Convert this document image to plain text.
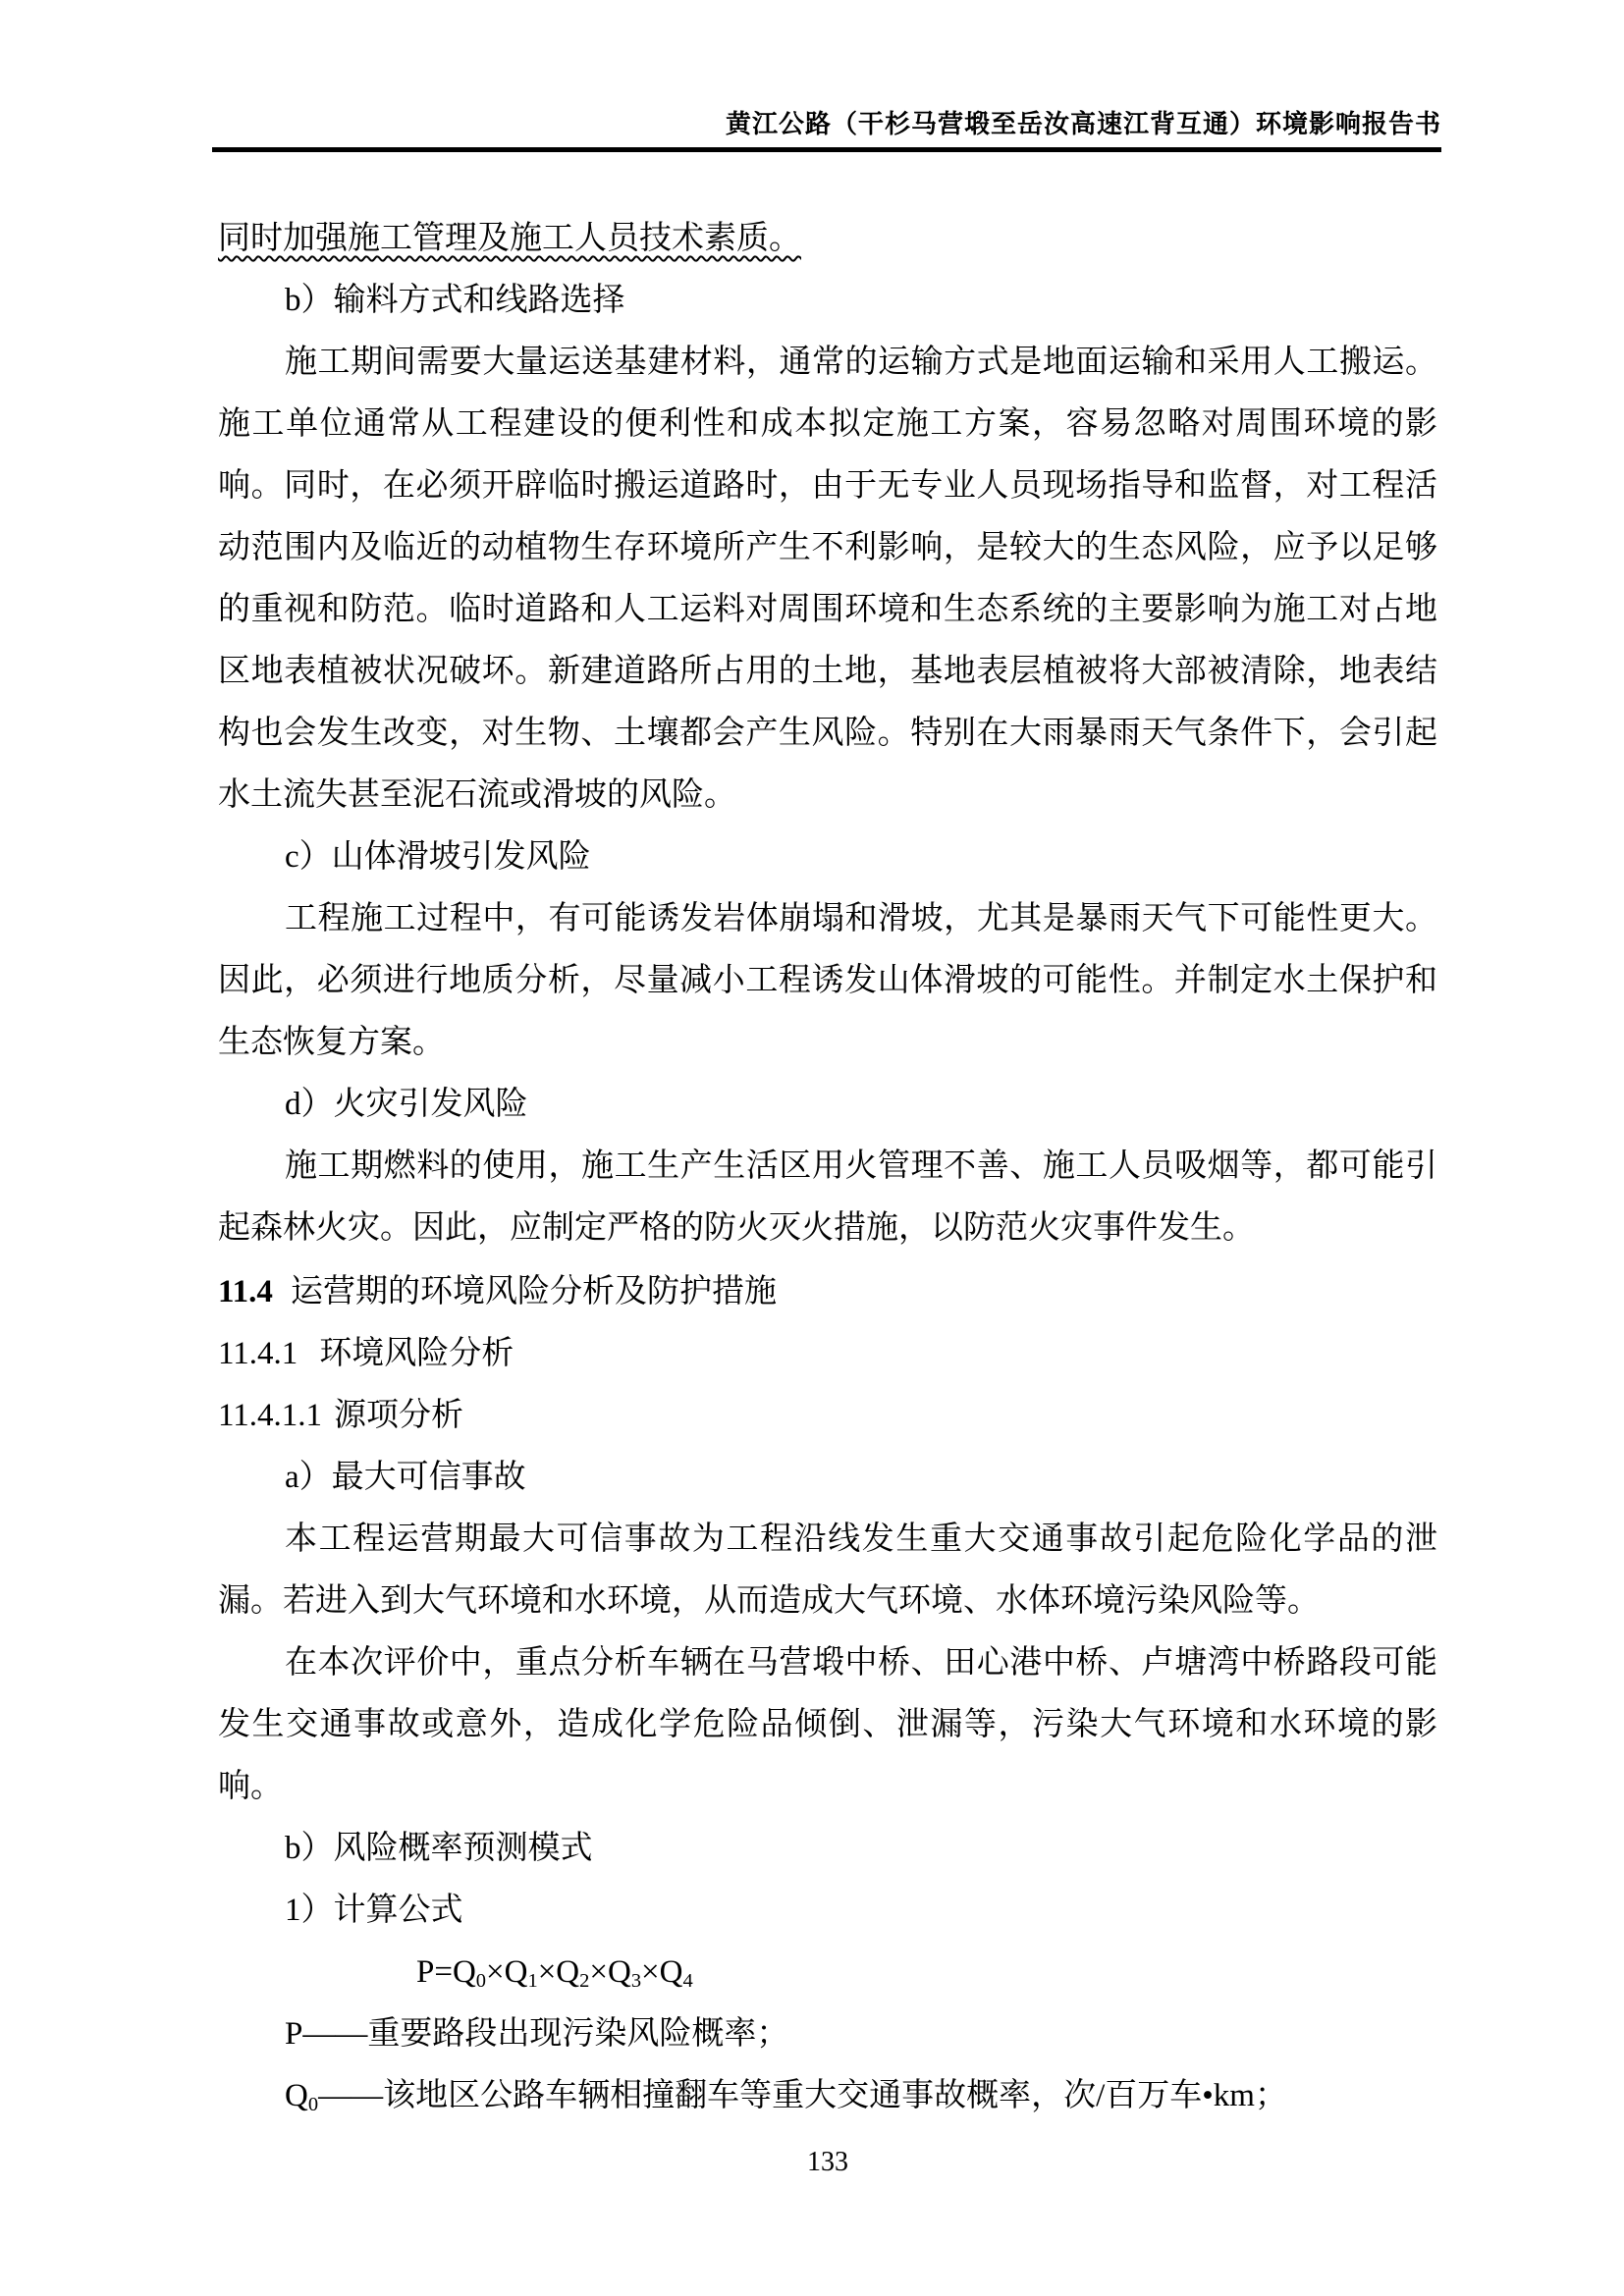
黄江公路（干杉马营塅至岳汝高速江背互通）环境影响报告书

同时加强施工管理及施工人员技术素质。

b）输料方式和线路选择

施工期间需要大量运送基建材料，通常的运输方式是地面运输和采用人工搬运。施工单位通常从工程建设的便利性和成本拟定施工方案，容易忽略对周围环境的影响。同时，在必须开辟临时搬运道路时，由于无专业人员现场指导和监督，对工程活动范围内及临近的动植物生存环境所产生不利影响，是较大的生态风险，应予以足够的重视和防范。临时道路和人工运料对周围环境和生态系统的主要影响为施工对占地区地表植被状况破坏。新建道路所占用的土地，基地表层植被将大部被清除，地表结构也会发生改变，对生物、土壤都会产生风险。特别在大雨暴雨天气条件下，会引起水土流失甚至泥石流或滑坡的风险。

c）山体滑坡引发风险

工程施工过程中，有可能诱发岩体崩塌和滑坡，尤其是暴雨天气下可能性更大。因此，必须进行地质分析，尽量减小工程诱发山体滑坡的可能性。并制定水土保护和生态恢复方案。

d）火灾引发风险

施工期燃料的使用，施工生产生活区用火管理不善、施工人员吸烟等，都可能引起森林火灾。因此，应制定严格的防火灭火措施，以防范火灾事件发生。

11.4 运营期的环境风险分析及防护措施
11.4.1 环境风险分析
11.4.1.1 源项分析

a）最大可信事故

本工程运营期最大可信事故为工程沿线发生重大交通事故引起危险化学品的泄漏。若进入到大气环境和水环境，从而造成大气环境、水体环境污染风险等。

在本次评价中，重点分析车辆在马营塅中桥、田心港中桥、卢塘湾中桥路段可能发生交通事故或意外，造成化学危险品倾倒、泄漏等，污染大气环境和水环境的影响。

b）风险概率预测模式

1）计算公式

$P=Q_0\times Q_1\times Q_2\times Q_3\times Q_4$

P——重要路段出现污染风险概率；

$Q_0——$该地区公路车辆相撞翻车等重大交通事故概率，次/百万车•km；

133
